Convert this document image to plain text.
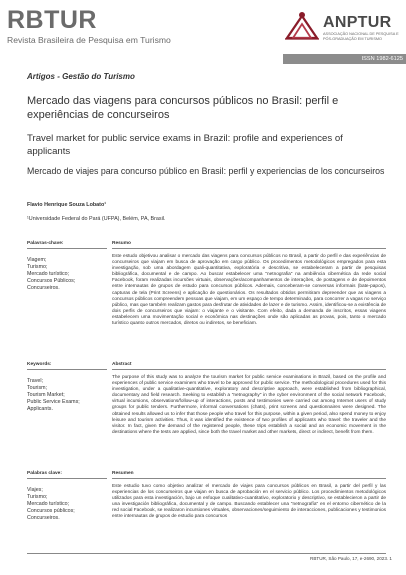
RBTUR
Revista Brasileira de Pesquisa em Turismo
ANPTUR
ASSOCIAÇÃO NACIONAL DE PESQUISA E PÓS-GRADUAÇÃO EM TURISMO
ISSN 1982-6125
Artigos - Gestão do Turismo
Mercado das viagens para concursos públicos no Brasil: perfil e experiências de concurseiros
Travel market for public service exams in Brazil: profile and experiences of applicants
Mercado de viajes para concurso público en Brasil: perfil y experiencias de los concurseiros
Flavio Henrique Souza Lobato¹
¹Universidade Federal do Pará (UFPA), Belém, PA, Brasil.
Palavras-chave:
Viagem;
Turismo;
Mercado turístico;
Concursos Públicos;
Concurseiros.
Resumo

Este estudo objetivou analisar o mercado das viagens para concursos públicos no Brasil, a partir do perfil e das experiências de concurseiros que viajam em busca de aprovação em cargo público. Os procedimentos metodológicos empregados para esta investigação, sob uma abordagem quali-quantitativa, exploratória e descritiva, se estabeleceram a partir de pesquisas bibliográfica, documental e de campo. Ao buscar estabelecer uma "netnografia" na ambiência cibernética da rede social Facebook, foram realizadas incursões virtuais, observações/acompanhamentos de interações, de postagens e de depoimentos entre internautas de grupos de estudo para concursos públicos. Ademais, conceberam-se conversas informais (bate-papos), capturas de tela (Print Screens) e aplicação de questionários. Os resultados obtidos permitiram depreender que as viagens a concursos públicos compreendem pessoas que viajam, em um espaço de tempo determinado, para concorrer a vagas no serviço público, mas que também realizam gastos para desfrutar de atividades de lazer e de turismo. Assim, identificou-se a existência de dois perfis de concurseiros que viajam: o viajante e o visitante. Com efeito, dada a demanda de inscritos, essas viagens estabelecem uma movimentação social e econômica nas destinações onde são aplicadas as provas, pois, tanto o mercado turístico quanto outros mercados, diretos ou indiretos, se beneficiam.

Keywords:
Travel;
Tourism;
Tourism Market;
Public Service Exams;
Applicants.
Abstract

The purpose of this study was to analyze the tourism market for public service examinations in Brazil, based on the profile and experiences of public service examiners who travel to be approved for public service. The methodological procedures used for this investigation, under a qualitative-quantitative, exploratory and descriptive approach, were established from bibliographical, documentary and field research. Seeking to establish a "netnography" in the cyber environment of the social network Facebook, virtual incursions, observations/follow-up of interactions, posts and testimonies were carried out among Internet users of study groups for public tenders. Furthermore, informal conversations (chats), print screens and questionnaires were designed. The obtained results allowed us to infer that those people who travel for this purpose, within a given period, also spend money to enjoy leisure and tourism activities. Thus, it was identified the existence of two profiles of applicants who travel: the traveler and the visitor. In fact, given the demand of the registered people, these trips establish a social and an economic movement in the destinations where the tests are applied, since both the travel market and other markets, direct or indirect, benefit from them.

Palabras clave:
Viajes;
Turismo;
Mercado turístico;
Concursos públicos;
Concurseiros.
Resumen

Este estudio tuvo como objetivo analizar el mercado de viajes para concursos públicos en Brasil, a partir del perfil y las experiencias de los concurseiros que viajan en busca de aprobación en el servicio público. Los procedimientos metodológicos utilizados para esta investigación, bajo un enfoque cualitativo-cuantitativo, exploratorio y descriptivo, se establecieron a partir de una investigación bibliográfica, documental y de campo. Buscando establecer una "netnografía" en el entorno cibernético de la red social Facebook, se realizaron incursiones virtuales, observaciones/seguimiento de interacciones, publicaciones y testimonios entre internautas de grupos de estudio para concursos

RBTUR, São Paulo, 17, e-2690, 2023. 1
